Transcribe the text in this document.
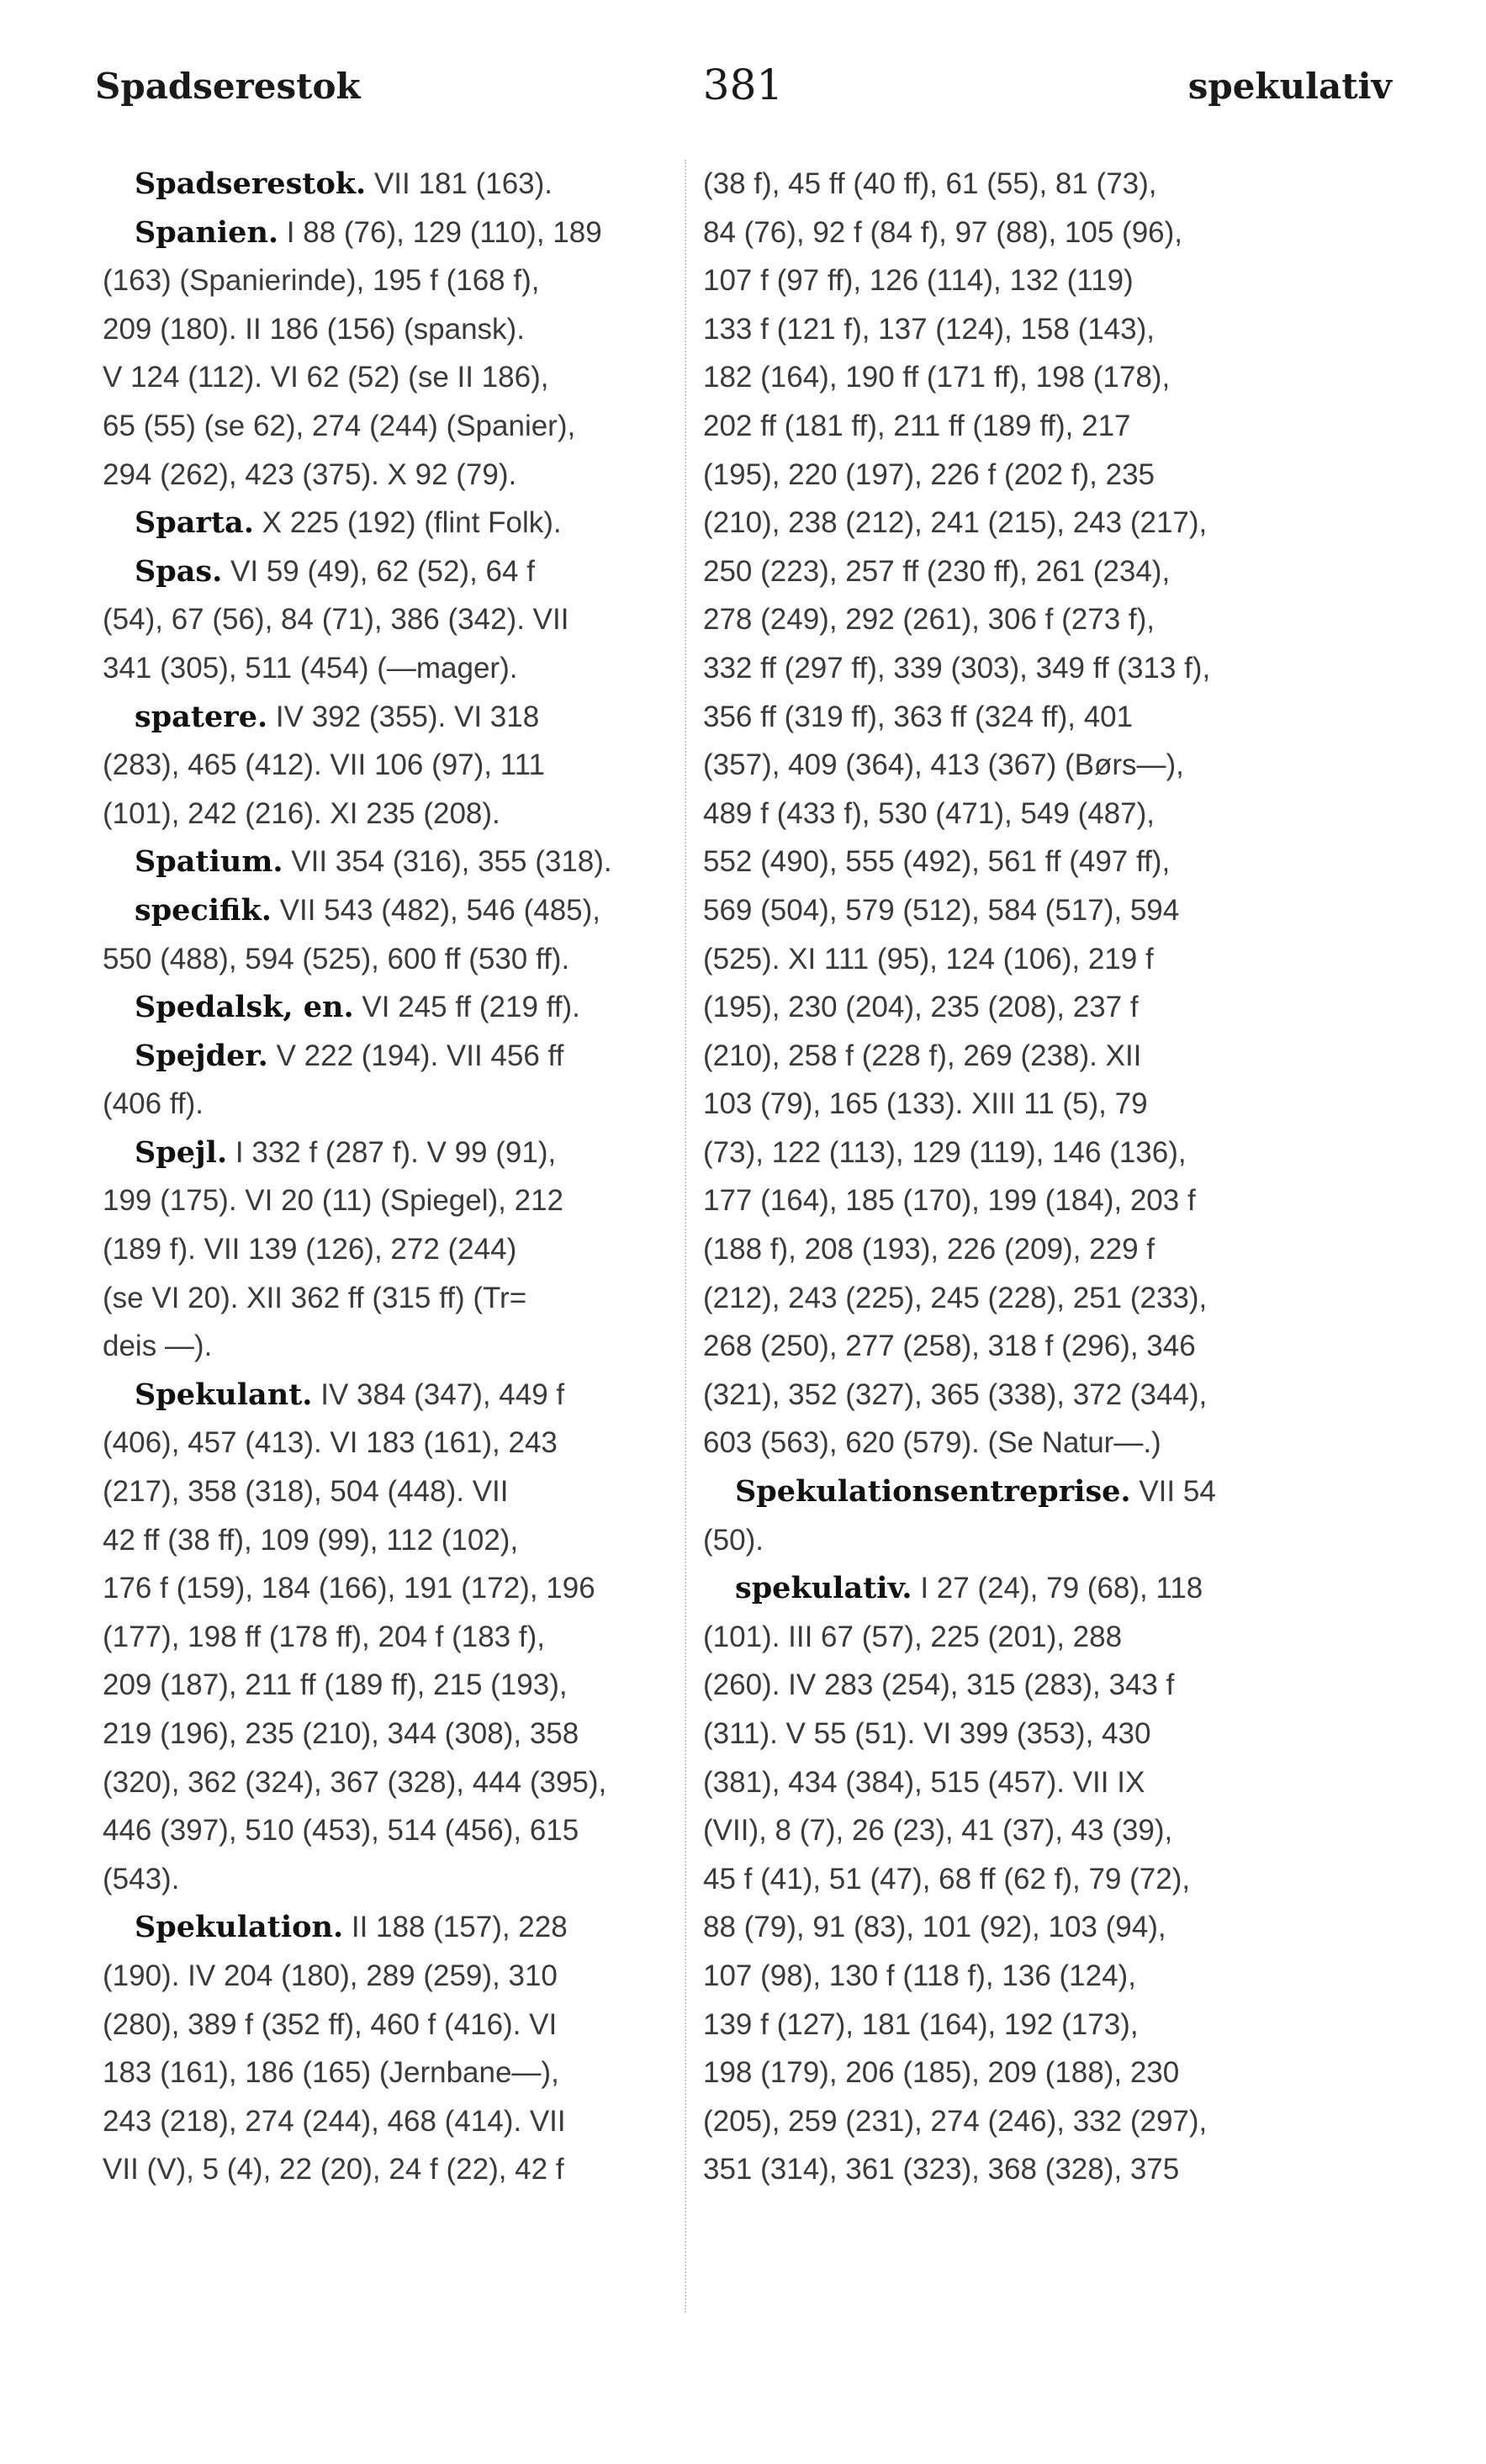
Spadserestok	381	spekulativ
Spadserestok. VII 181 (163).
Spanien. I 88 (76), 129 (110), 189
(163) (Spanierinde), 195 f (168 f),
209 (180). II 186 (156) (spansk).
V 124 (112). VI 62 (52) (se II 186),
65 (55) (se 62), 274 (244) (Spanier),
294 (262), 423 (375). X 92 (79).
Sparta. X 225 (192) (flint Folk).
Spas. VI 59 (49), 62 (52), 64 f
(54), 67 (56), 84 (71), 386 (342). VII
341 (305), 511 (454) (—mager).
spatere. IV 392 (355). VI 318
(283), 465 (412). VII 106 (97), 111
(101), 242 (216). XI 235 (208).
Spatium. VII 354 (316), 355 (318).
specifik. VII 543 (482), 546 (485),
550 (488), 594 (525), 600 ff (530 ff).
Spedalsk, en. VI 245 ff (219 ff).
Spejder. V 222 (194). VII 456 ff
(406 ff).
Spejl. I 332 f (287 f). V 99 (91),
199 (175). VI 20 (11) (Spiegel), 212
(189 f). VII 139 (126), 272 (244)
(se VI 20). XII 362 ff (315 ff) (Tr=
deis —).
Spekulant. IV 384 (347), 449 f
(406), 457 (413). VI 183 (161), 243
(217), 358 (318), 504 (448). VII
42 ff (38 ff), 109 (99), 112 (102),
176 f (159), 184 (166), 191 (172), 196
(177), 198 ff (178 ff), 204 f (183 f),
209 (187), 211 ff (189 ff), 215 (193),
219 (196), 235 (210), 344 (308), 358
(320), 362 (324), 367 (328), 444 (395),
446 (397), 510 (453), 514 (456), 615
(543).
Spekulation. II 188 (157), 228
(190). IV 204 (180), 289 (259), 310
(280), 389 f (352 ff), 460 f (416). VI
183 (161), 186 (165) (Jernbane—),
243 (218), 274 (244), 468 (414). VII
VII (V), 5 (4), 22 (20), 24 f (22), 42 f
(38 f), 45 ff (40 ff), 61 (55), 81 (73),
84 (76), 92 f (84 f), 97 (88), 105 (96),
107 f (97 ff), 126 (114), 132 (119)
133 f (121 f), 137 (124), 158 (143),
182 (164), 190 ff (171 ff), 198 (178),
202 ff (181 ff), 211 ff (189 ff), 217
(195), 220 (197), 226 f (202 f), 235
(210), 238 (212), 241 (215), 243 (217),
250 (223), 257 ff (230 ff), 261 (234),
278 (249), 292 (261), 306 f (273 f),
332 ff (297 ff), 339 (303), 349 ff (313 f),
356 ff (319 ff), 363 ff (324 ff), 401
(357), 409 (364), 413 (367) (Børs—),
489 f (433 f), 530 (471), 549 (487),
552 (490), 555 (492), 561 ff (497 ff),
569 (504), 579 (512), 584 (517), 594
(525). XI 111 (95), 124 (106), 219 f
(195), 230 (204), 235 (208), 237 f
(210), 258 f (228 f), 269 (238). XII
103 (79), 165 (133). XIII 11 (5), 79
(73), 122 (113), 129 (119), 146 (136),
177 (164), 185 (170), 199 (184), 203 f
(188 f), 208 (193), 226 (209), 229 f
(212), 243 (225), 245 (228), 251 (233),
268 (250), 277 (258), 318 f (296), 346
(321), 352 (327), 365 (338), 372 (344),
603 (563), 620 (579). (Se Natur—.)
Spekulationsentreprise. VII 54
(50).
spekulativ. I 27 (24), 79 (68), 118
(101). III 67 (57), 225 (201), 288
(260). IV 283 (254), 315 (283), 343 f
(311). V 55 (51). VI 399 (353), 430
(381), 434 (384), 515 (457). VII IX
(VII), 8 (7), 26 (23), 41 (37), 43 (39),
45 f (41), 51 (47), 68 ff (62 f), 79 (72),
88 (79), 91 (83), 101 (92), 103 (94),
107 (98), 130 f (118 f), 136 (124),
139 f (127), 181 (164), 192 (173),
198 (179), 206 (185), 209 (188), 230
(205), 259 (231), 274 (246), 332 (297),
351 (314), 361 (323), 368 (328), 375
